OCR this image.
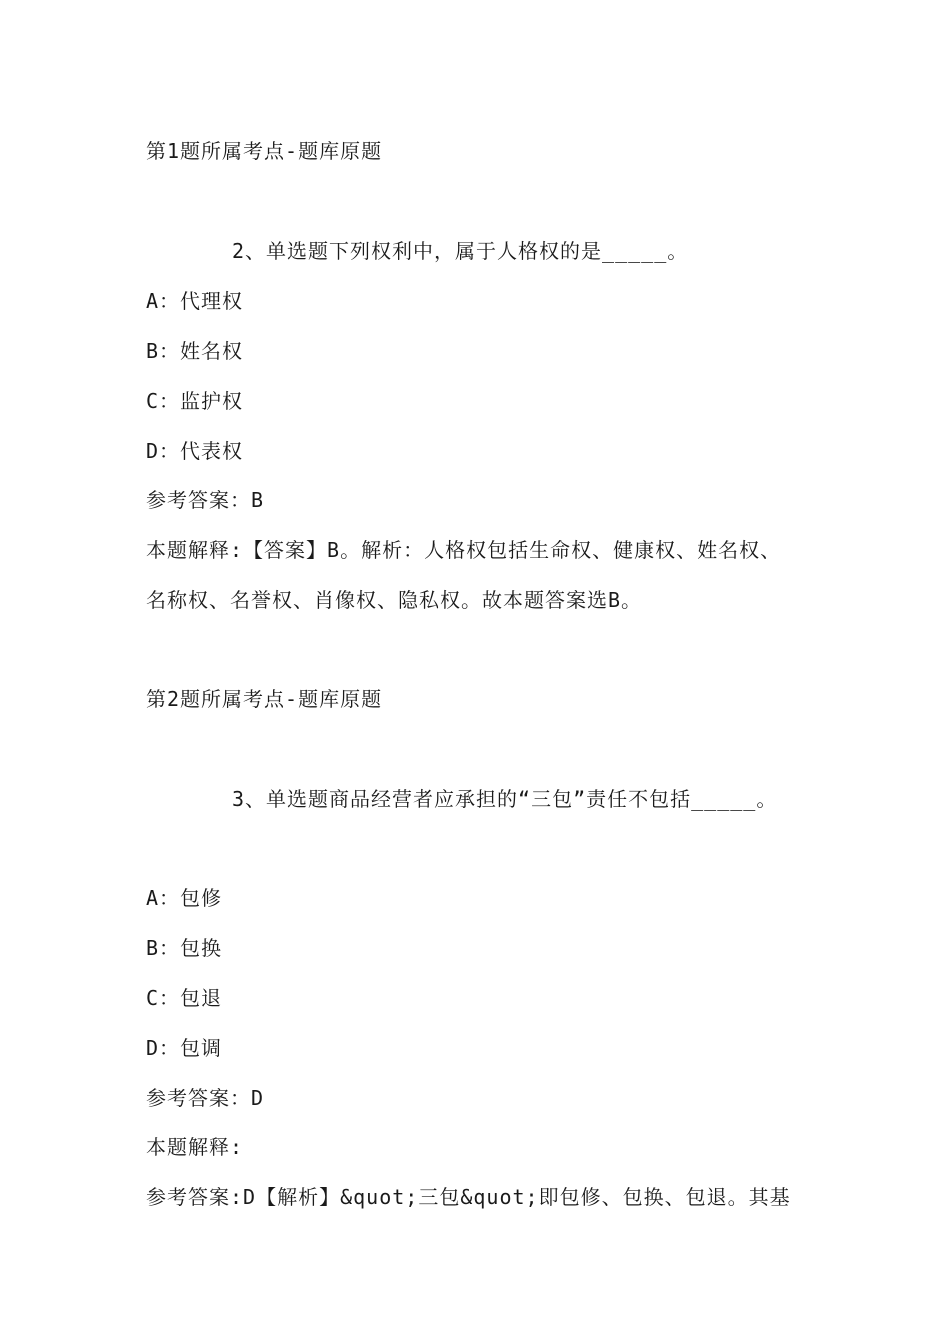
第1题所属考点-题库原题
2、单选题下列权利中，属于人格权的是_____。
A：代理权
B：姓名权
C：监护权
D：代表权
参考答案：B
本题解释:【答案】B。解析：人格权包括生命权、健康权、姓名权、
名称权、名誉权、肖像权、隐私权。故本题答案选B。
第2题所属考点-题库原题
3、单选题商品经营者应承担的“三包”责任不包括_____。
A：包修
B：包换
C：包退
D：包调
参考答案：D
本题解释:
参考答案:D【解析】&quot;三包&quot;即包修、包换、包退。其基
